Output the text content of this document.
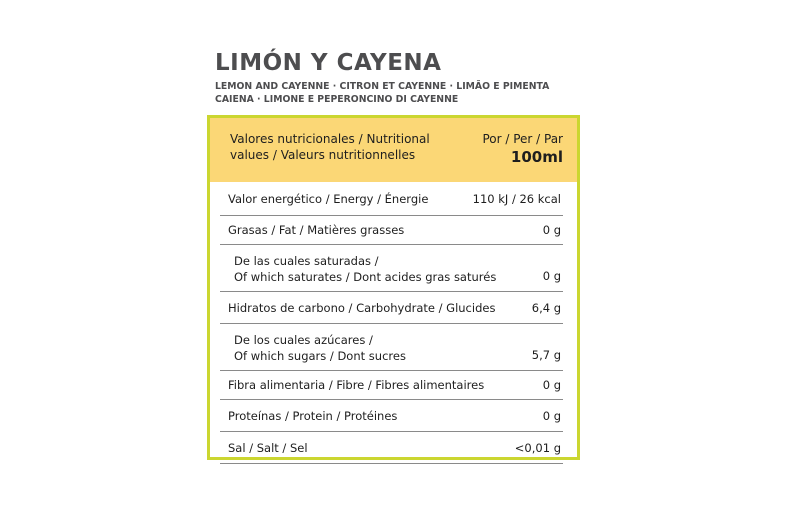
LIMÓN Y CAYENA
LEMON AND CAYENNE · CITRON ET CAYENNE · LIMÃO E PIMENTA
CAIENA · LIMONE E PEPERONCINO DI CAYENNE
Valores nutricionales / Nutritional
values / Valeurs nutritionnelles
Por / Per / Par
100ml
Valor energético / Energy / Énergie	110 kJ / 26 kcal
Grasas / Fat / Matières grasses	0 g
De las cuales saturadas /
Of which saturates / Dont acides gras saturés	0 g
Hidratos de carbono / Carbohydrate / Glucides	6,4 g
De los cuales azúcares /
Of which sugars / Dont sucres	5,7 g
Fibra alimentaria / Fibre / Fibres alimentaires	0 g
Proteínas / Protein / Protéines	0 g
Sal / Salt / Sel	<0,01 g
